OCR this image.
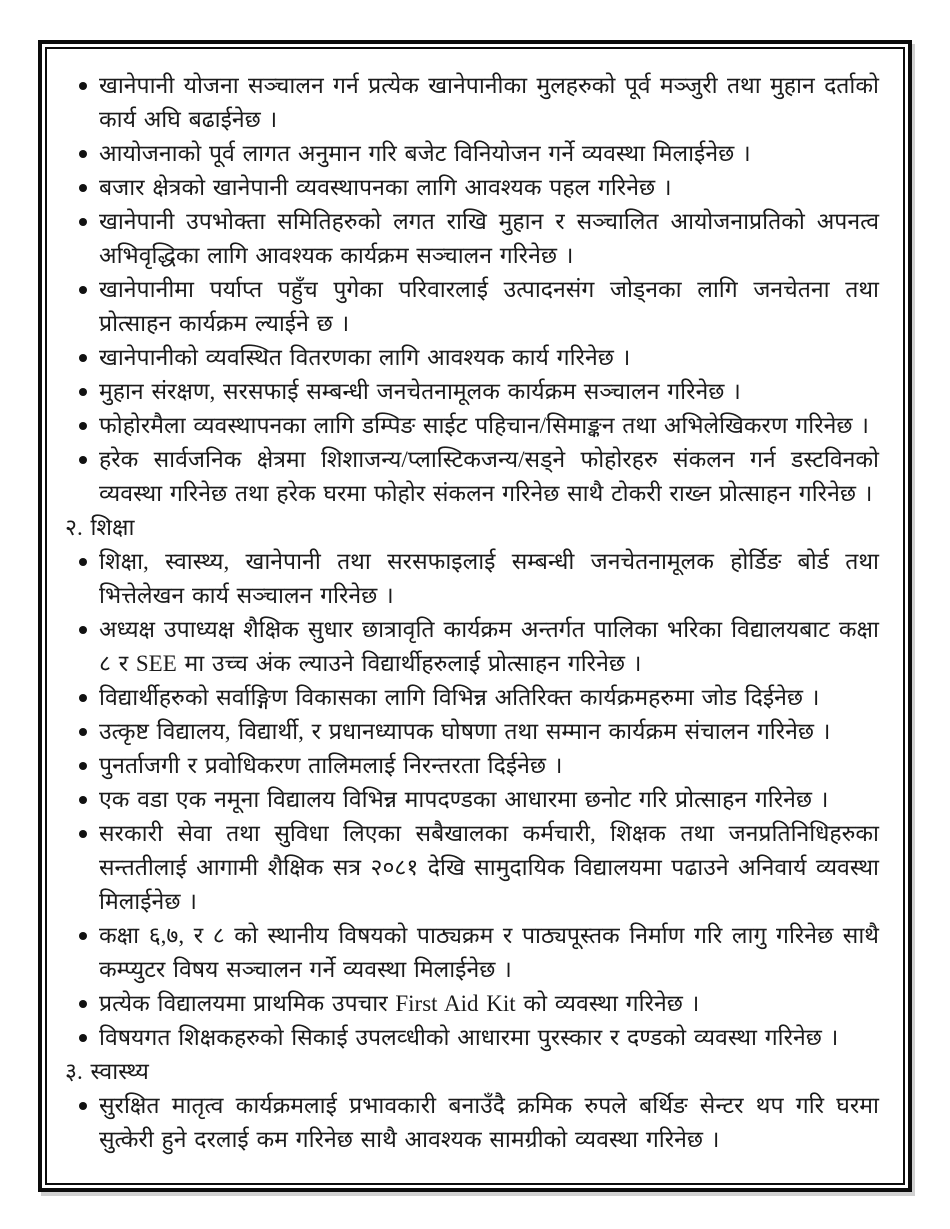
खानेपानी योजना सञ्चालन गर्न प्रत्येक खानेपानीका मुलहरुको पूर्व मञ्जुरी तथा मुहान दर्ताको कार्य अघि बढाईनेछ ।
आयोजनाको पूर्व लागत अनुमान गरि बजेट विनियोजन गर्ने व्यवस्था मिलाईनेछ ।
बजार क्षेत्रको खानेपानी व्यवस्थापनका लागि आवश्यक पहल गरिनेछ ।
खानेपानी उपभोक्ता समितिहरुको लगत राखि मुहान र सञ्चालित आयोजनाप्रतिको अपनत्व अभिवृद्धिका लागि आवश्यक कार्यक्रम सञ्चालन गरिनेछ ।
खानेपानीमा पर्याप्त पहुँच पुगेका परिवारलाई उत्पादनसंग जोड्नका लागि जनचेतना तथा प्रोत्साहन कार्यक्रम ल्याईने छ ।
खानेपानीको व्यवस्थित वितरणका लागि आवश्यक कार्य गरिनेछ ।
मुहान संरक्षण, सरसफाई सम्बन्धी जनचेतनामूलक कार्यक्रम सञ्चालन गरिनेछ ।
फोहोरमैला व्यवस्थापनका लागि डम्पिङ साईट पहिचान/सिमाङ्कन तथा अभिलेखिकरण गरिनेछ ।
हरेक सार्वजनिक क्षेत्रमा शिशाजन्य/प्लास्टिकजन्य/सड्ने फोहोरहरु संकलन गर्न डस्टविनको व्यवस्था गरिनेछ तथा हरेक घरमा फोहोर संकलन गरिनेछ साथै टोकरी राख्न प्रोत्साहन गरिनेछ ।
२. शिक्षा
शिक्षा, स्वास्थ्य, खानेपानी तथा सरसफाइलाई सम्बन्धी जनचेतनामूलक होर्डिङ बोर्ड तथा भित्तेलेखन कार्य सञ्चालन गरिनेछ ।
अध्यक्ष उपाध्यक्ष शैक्षिक सुधार छात्रावृति कार्यक्रम अन्तर्गत पालिका भरिका विद्यालयबाट कक्षा ८ र SEE मा उच्च अंक ल्याउने विद्यार्थीहरुलाई प्रोत्साहन गरिनेछ ।
विद्यार्थीहरुको सर्वाङ्गिण विकासका लागि विभिन्न अतिरिक्त कार्यक्रमहरुमा जोड दिईनेछ ।
उत्कृष्ट विद्यालय, विद्यार्थी, र प्रधानध्यापक घोषणा तथा सम्मान कार्यक्रम संचालन गरिनेछ ।
पुनर्ताजगी र प्रवोधिकरण तालिमलाई निरन्तरता दिईनेछ ।
एक वडा एक नमूना विद्यालय विभिन्न मापदण्डका आधारमा छनोट गरि प्रोत्साहन गरिनेछ ।
सरकारी सेवा तथा सुविधा लिएका सबैखालका कर्मचारी, शिक्षक तथा जनप्रतिनिधिहरुका सन्ततीलाई आगामी शैक्षिक सत्र २०८१ देखि सामुदायिक विद्यालयमा पढाउने अनिवार्य व्यवस्था मिलाईनेछ ।
कक्षा ६,७, र ८ को स्थानीय विषयको पाठ्यक्रम र पाठ्यपूस्तक निर्माण गरि लागु गरिनेछ साथै कम्प्युटर विषय सञ्चालन गर्ने व्यवस्था मिलाईनेछ ।
प्रत्येक विद्यालयमा प्राथमिक उपचार First Aid Kit को व्यवस्था गरिनेछ ।
विषयगत शिक्षकहरुको सिकाई उपलव्धीको आधारमा पुरस्कार र दण्डको व्यवस्था गरिनेछ ।
३. स्वास्थ्य
सुरक्षित मातृत्व कार्यक्रमलाई प्रभावकारी बनाउँदै क्रमिक रुपले बर्थिङ सेन्टर थप गरि घरमा सुत्केरी हुने दरलाई कम गरिनेछ साथै आवश्यक सामग्रीको व्यवस्था गरिनेछ ।
